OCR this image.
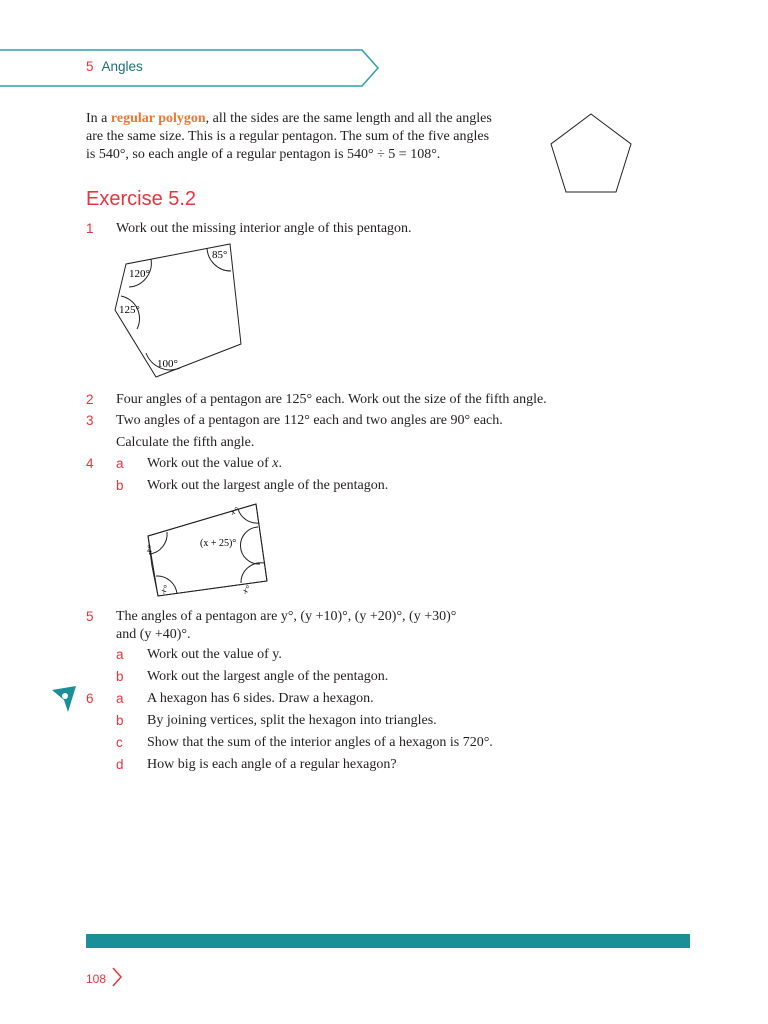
5 Angles
In a regular polygon, all the sides are the same length and all the angles
are the same size. This is a regular pentagon. The sum of the five angles
is 540°, so each angle of a regular pentagon is 540° ÷ 5 = 108°.
Exercise 5.2
1 Work out the missing interior angle of this pentagon.
120°
85°
125°
100°
2 Four angles of a pentagon are 125° each. Work out the size of the fifth angle.
3 Two angles of a pentagon are 112° each and two angles are 90° each.
Calculate the fifth angle.
4 a Work out the value of x.
b Work out the largest angle of the pentagon.
x°
x°	(x + 25)°
x°	x°
5 The angles of a pentagon are y°, (y +10)°, (y +20)°, (y +30)°
and (y +40)°.
a Work out the value of y.
b Work out the largest angle of the pentagon.
6 a A hexagon has 6 sides. Draw a hexagon.
b By joining vertices, split the hexagon into triangles.
c Show that the sum of the interior angles of a hexagon is 720°.
d How big is each angle of a regular hexagon?
108
